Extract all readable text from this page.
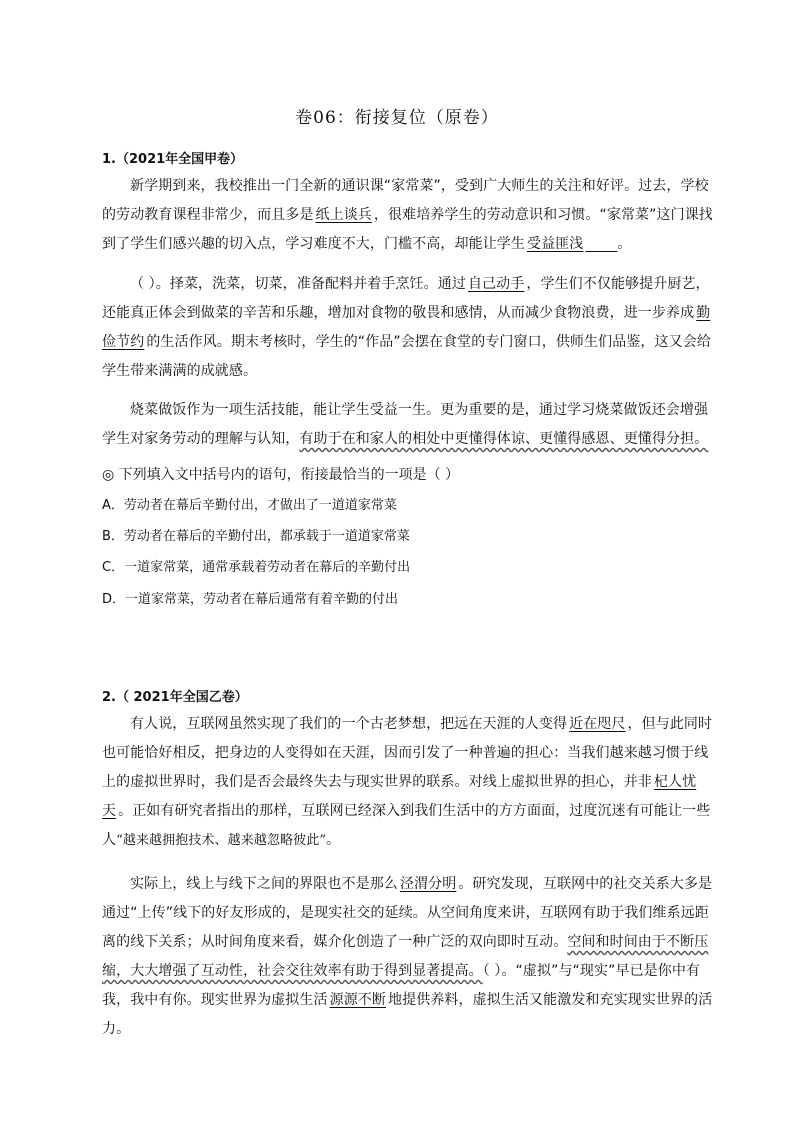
卷06：衔接复位（原卷）
1.（2021年全国甲卷）

新学期到来，我校推出一门全新的通识课“家常菜”，受到广大师生的关注和好评。过去，学校的劳动教育课程非常少，而且多是 纸上谈兵 ，很难培养学生的劳动意识和习惯。“家常菜”这门课找到了学生们感兴趣的切入点，学习难度不大，门槛不高，却能让学生 受益匪浅 。

（ ）。择菜，洗菜，切菜，准备配料并着手烹饪。通过 自己动手 ，学生们不仅能够提升厨艺，还能真正体会到做菜的辛苦和乐趣，增加对食物的敬畏和感情，从而减少食物浪费，进一步养成 勤俭节约 的生活作风。期末考核时，学生的“作品”会摆在食堂的专门窗口，供师生们品鉴，这又会给学生带来满满的成就感。

烧菜做饭作为一项生活技能，能让学生受益一生。更为重要的是，通过学习烧菜做饭还会增强学生对家务劳动的理解与认知，有助于在和家人的相处中更懂得体谅、更懂得感恩、更懂得分担。

◎ 下列填入文中括号内的语句，衔接最恰当的一项是（ ）
A．劳动者在幕后辛勤付出，才做出了一道道家常菜
B．劳动者在幕后的辛勤付出，都承载于一道道家常菜
C．一道家常菜，通常承载着劳动者在幕后的辛勤付出
D．一道家常菜，劳动者在幕后通常有着辛勤的付出
2.（ 2021年全国乙卷）

有人说，互联网虽然实现了我们的一个古老梦想，把远在天涯的人变得 近在咫尺 ，但与此同时也可能恰好相反，把身边的人变得如在天涯，因而引发了一种普遍的担心：当我们越来越习惯于线上的虚拟世界时，我们是否会最终失去与现实世界的联系。对线上虚拟世界的担心，并非 杞人忧天 。正如有研究者指出的那样，互联网已经深入到我们生活中的方方面面，过度沉迷有可能让一些人“越来越拥抱技术、越来越忽略彼此”。

实际上，线上与线下之间的界限也不是那么 泾渭分明 。研究发现，互联网中的社交关系大多是通过“上传”线下的好友形成的，是现实社交的延续。从空间角度来讲，互联网有助于我们维系远距离的线下关系；从时间角度来看，媒介化创造了一种广泛的双向即时互动。空间和时间由于不断压缩，大大增强了互动性，社会交往效率有助于得到显著提高。（ ）。“虚拟”与“现实”早已是你中有我，我中有你。现实世界为虚拟生活 源源不断 地提供养料，虚拟生活又能激发和充实现实世界的活力。
